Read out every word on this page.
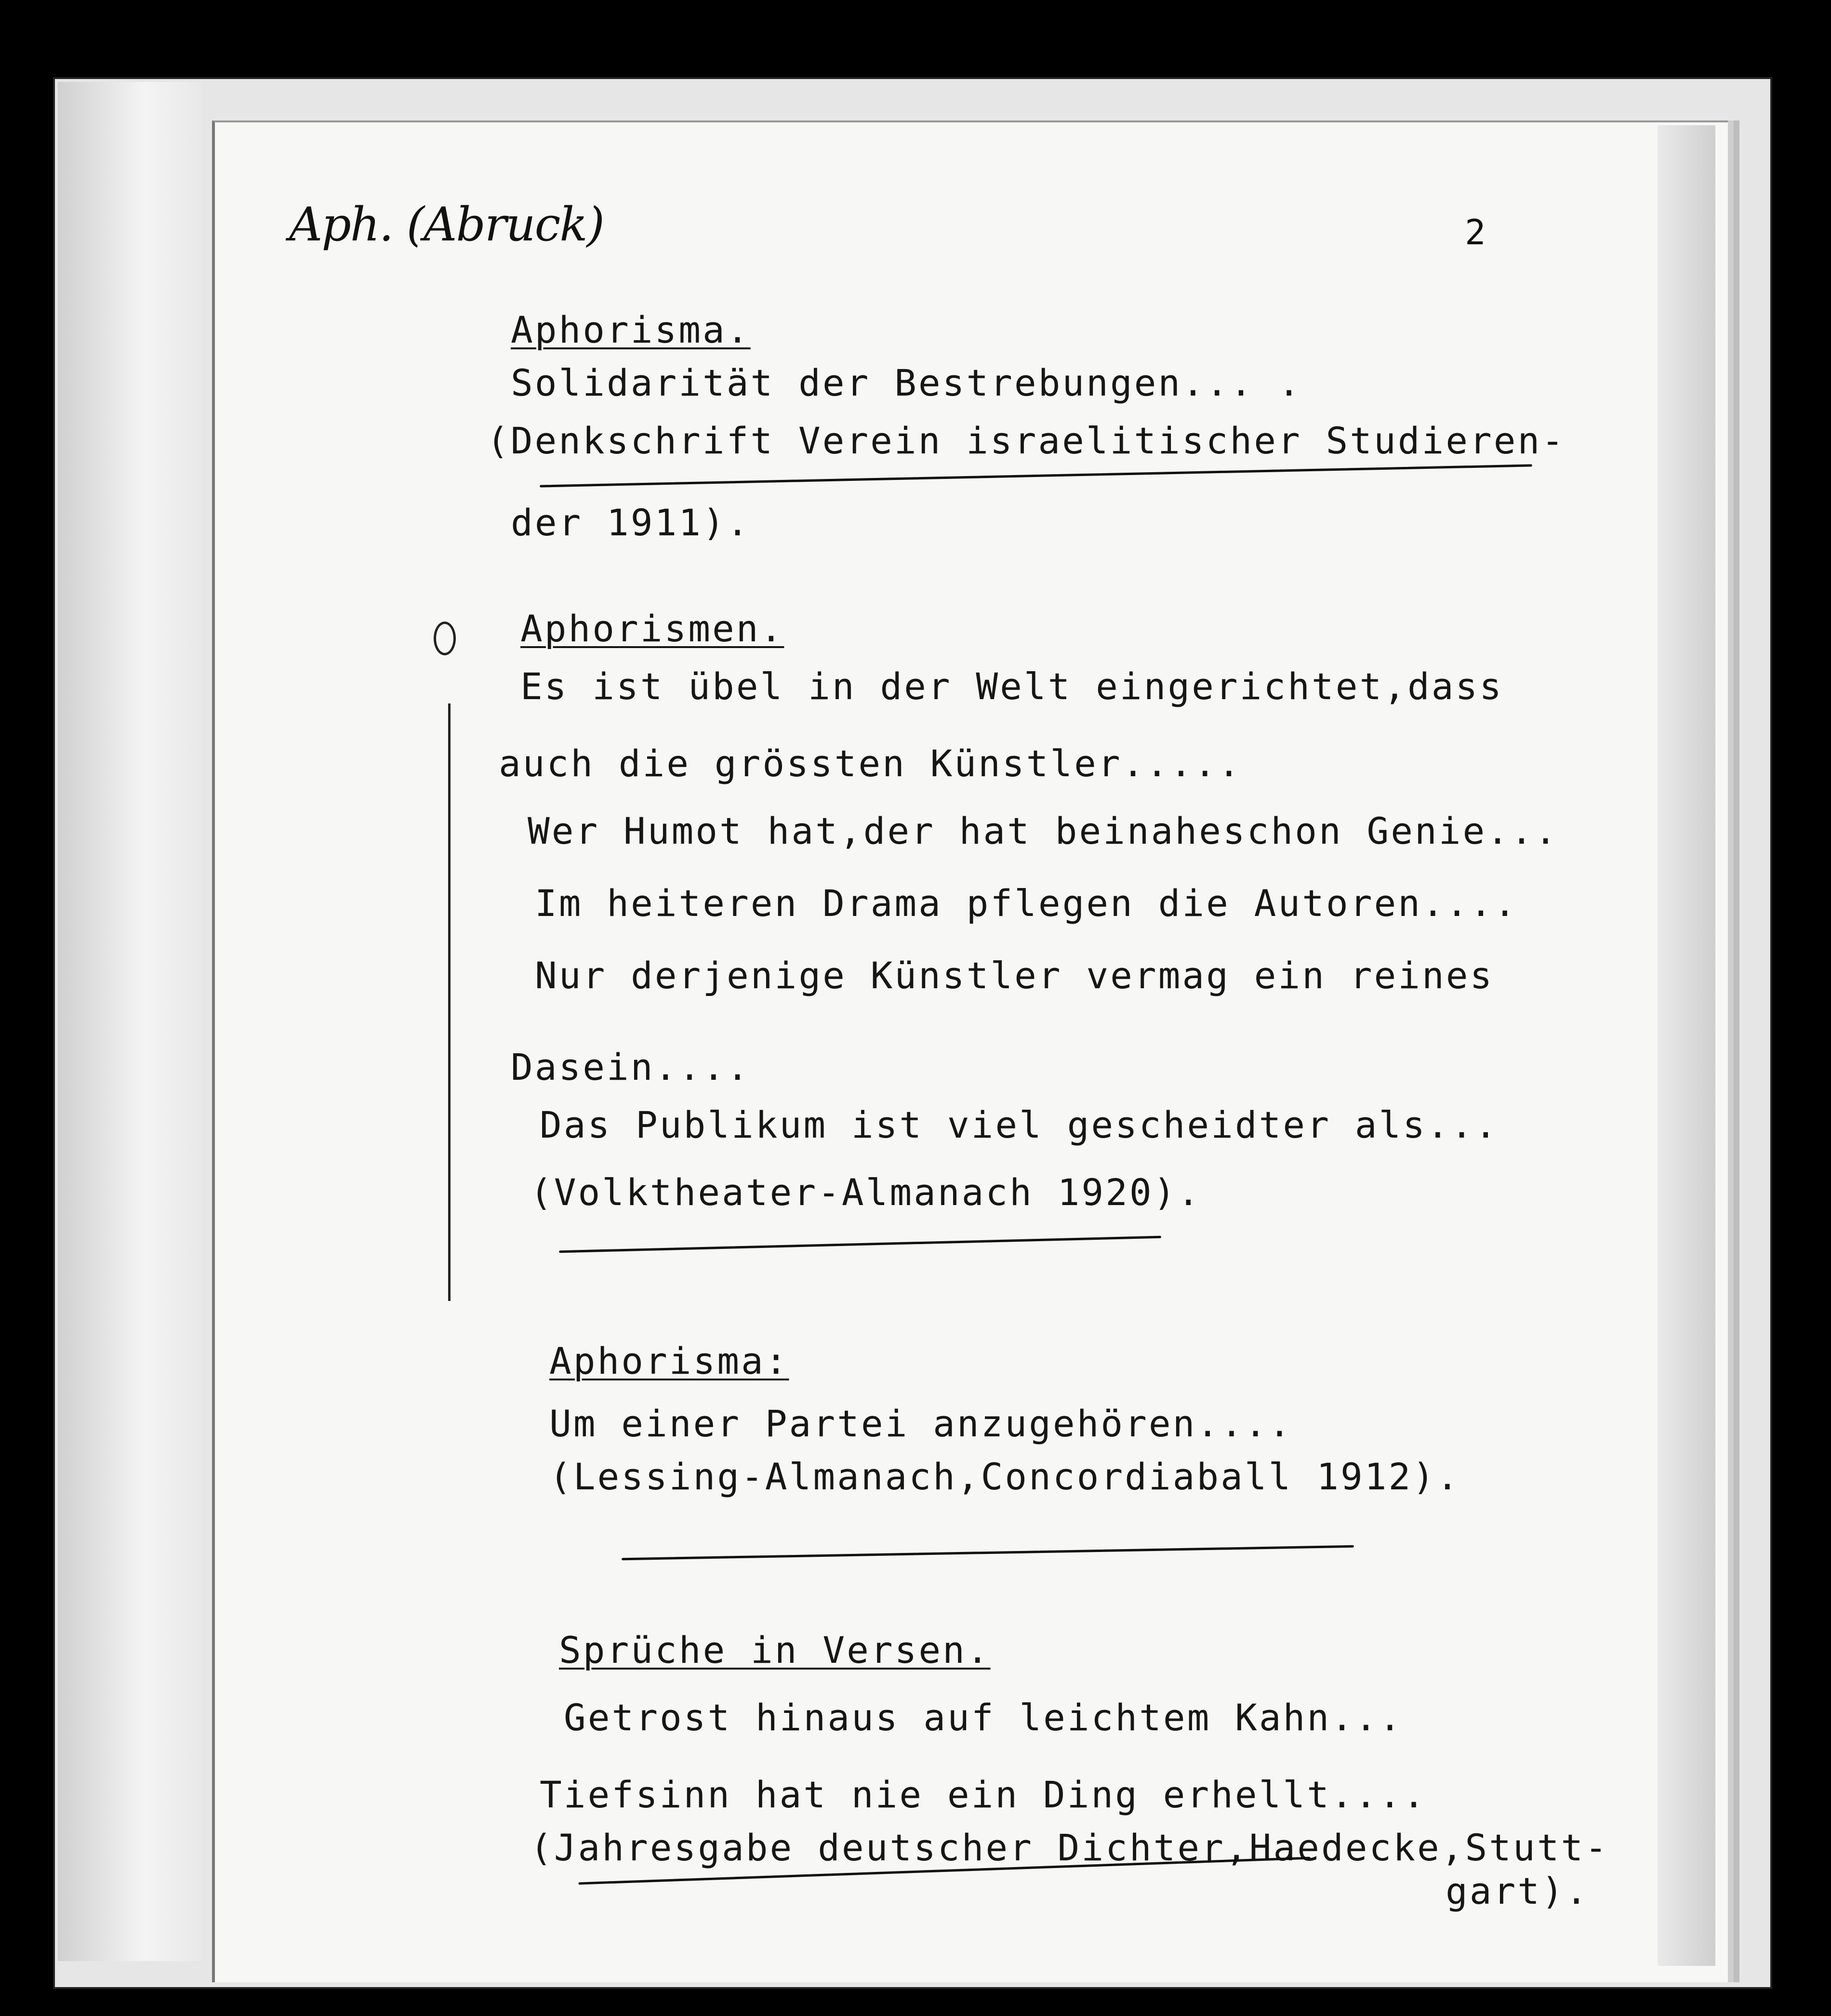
Aph. (Abruck)	2
Aphorisma.
Solidarität der Bestrebungen... .
(Denkschrift Verein israelitischer Studieren-
der 1911).
Aphorismen.
Es ist übel in der Welt eingerichtet,dass
auch die grössten Künstler.....
Wer Humot hat,der hat beinaheschon Genie...
Im heiteren Drama pflegen die Autoren....
Nur derjenige Künstler vermag ein reines
Dasein....
Das Publikum ist viel gescheidter als...
(Volktheater-Almanach 1920).
Aphorisma:
Um einer Partei anzugehören....
(Lessing-Almanach,Concordiaball 1912).
Sprüche in Versen.
Getrost hinaus auf leichtem Kahn...
Tiefsinn hat nie ein Ding erhellt....
(Jahresgabe deutscher Dichter,Haedecke,Stutt-
gart).
